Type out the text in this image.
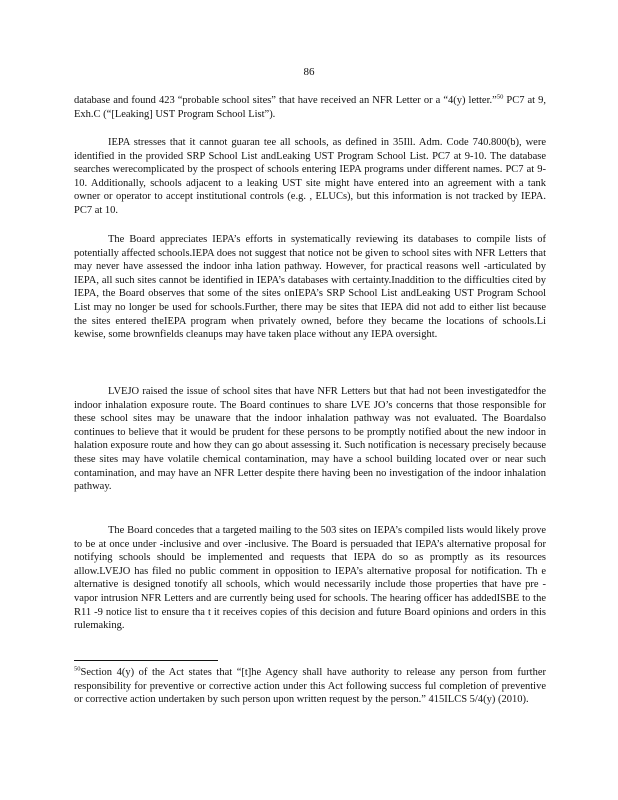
86

database and found 423 “probable school sites” that have received an NFR Letter or a “4(y) letter.”$^{50}$ PC7 at 9, Exh.C (“[Leaking] UST Program School List”).

IEPA stresses that it cannot guaran tee all schools, as defined in 35Ill. Adm. Code 740.800(b), were identified in the provided SRP School List andLeaking UST Program School List. PC7 at 9-10. The database searches werecomplicated by the prospect of schools entering IEPA programs under different names. PC7 at 9- 10. Additionally, schools adjacent to a leaking UST site might have entered into an agreement with a tank owner or operator to accept institutional controls (e.g. , ELUCs), but this information is not tracked by IEPA. PC7 at 10.

The Board appreciates IEPA’s efforts in systematically reviewing its databases to compile lists of potentially affected schools.IEPA does not suggest that notice not be given to school sites with NFR Letters that may never have assessed the indoor inha lation pathway. However, for practical reasons well -articulated by IEPA, all such sites cannot be identified in IEPA’s databases with certainty.Inaddition to the difficulties cited by IEPA, the Board observes that some of the sites onIEPA’s SRP School List andLeaking UST Program School List may no longer be used for schools.Further, there may be sites that IEPA did not add to either list because the sites entered theIEPA program when privately owned, before they became the locations of schools.Li kewise, some brownfields cleanups may have taken place without any IEPA oversight.

LVEJO raised the issue of school sites that have NFR Letters but that had not been investigatedfor the indoor inhalation exposure route. The Board continues to share LVE JO’s concerns that those responsible for these school sites may be unaware that the indoor inhalation pathway was not evaluated. The Boardalso continues to believe that it would be prudent for these persons to be promptly notified about the new indoor in halation exposure route and how they can go about assessing it. Such notification is necessary precisely because these sites may have volatile chemical contamination, may have a school building located over or near such contamination, and may have an NFR Letter despite there having been no investigation of the indoor inhalation pathway.

The Board concedes that a targeted mailing to the 503 sites on IEPA’s compiled lists would likely prove to be at once under -inclusive and over -inclusive. The Board is persuaded that IEPA’s alternative proposal for notifying schools should be implemented and requests that IEPA do so as promptly as its resources allow.LVEJO has filed no public comment in opposition to IEPA’s alternative proposal for notification. Th e alternative is designed tonotify all schools, which would necessarily include those properties that have pre -vapor intrusion NFR Letters and are currently being used for schools. The hearing officer has addedISBE to the R11 -9 notice list to ensure tha t it receives copies of this decision and future Board opinions and orders in this rulemaking.

$^{50}$Section 4(y) of the Act states that “[t]he Agency shall have authority to release any person from further responsibility for preventive or corrective action under this Act following success ful completion of preventive or corrective action undertaken by such person upon written request by the person.” 415ILCS 5/4(y) (2010).
